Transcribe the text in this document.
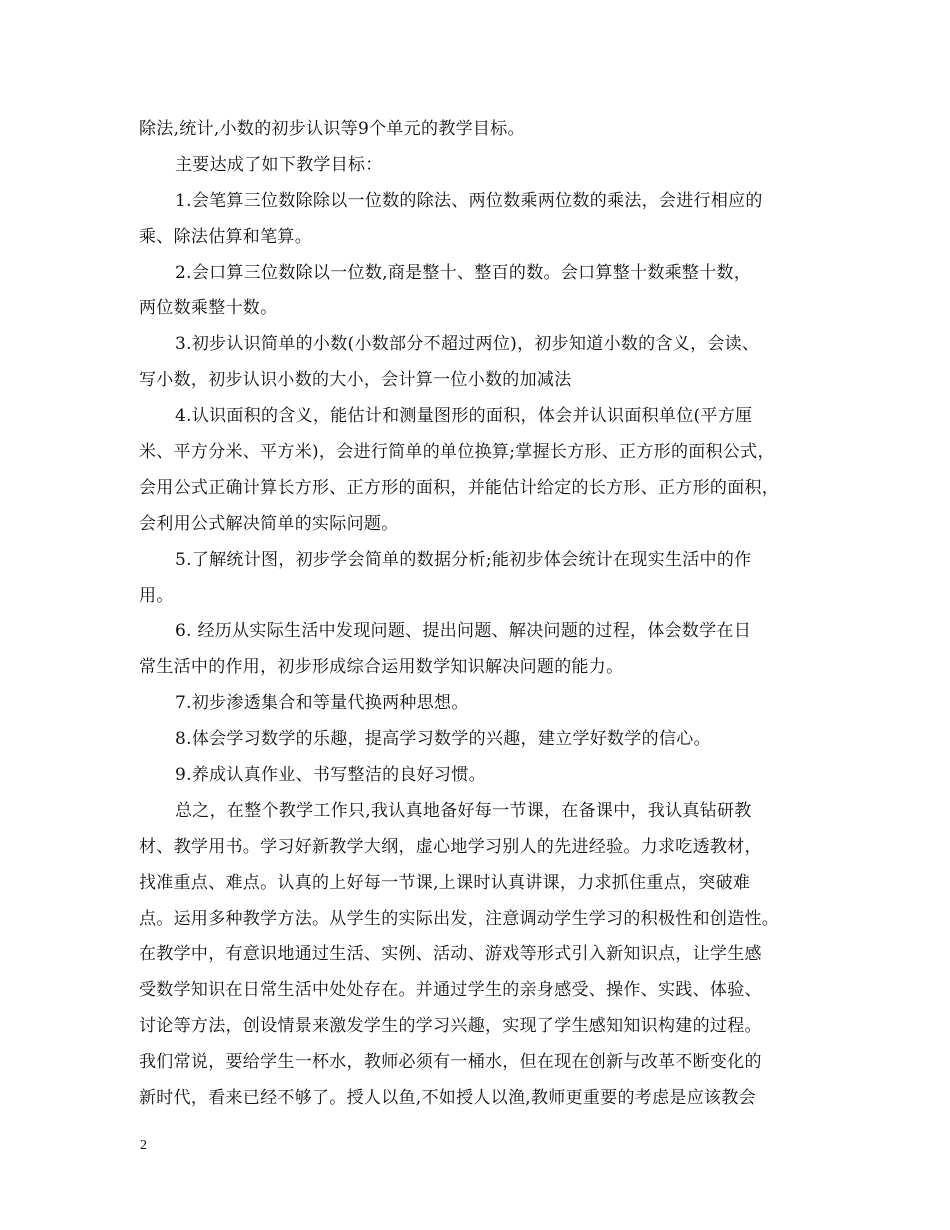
除法,统计,小数的初步认识等9个单元的教学目标。
主要达成了如下教学目标：
1.会笔算三位数除除以一位数的除法、两位数乘两位数的乘法，会进行相应的
乘、除法估算和笔算。
2.会口算三位数除以一位数,商是整十、整百的数。会口算整十数乘整十数，
两位数乘整十数。
3.初步认识简单的小数(小数部分不超过两位)，初步知道小数的含义，会读、
写小数，初步认识小数的大小，会计算一位小数的加减法
4.认识面积的含义，能估计和测量图形的面积，体会并认识面积单位(平方厘
米、平方分米、平方米)，会进行简单的单位换算;掌握长方形、正方形的面积公式，
会用公式正确计算长方形、正方形的面积，并能估计给定的长方形、正方形的面积，
会利用公式解决简单的实际问题。
5.了解统计图，初步学会简单的数据分析;能初步体会统计在现实生活中的作
用。
6. 经历从实际生活中发现问题、提出问题、解决问题的过程，体会数学在日
常生活中的作用，初步形成综合运用数学知识解决问题的能力。
7.初步渗透集合和等量代换两种思想。
8.体会学习数学的乐趣，提高学习数学的兴趣，建立学好数学的信心。
9.养成认真作业、书写整洁的良好习惯。
总之，在整个教学工作只,我认真地备好每一节课，在备课中，我认真钻研教
材、教学用书。学习好新教学大纲，虚心地学习别人的先进经验。力求吃透教材，
找准重点、难点。认真的上好每一节课,上课时认真讲课，力求抓住重点，突破难
点。运用多种教学方法。从学生的实际出发，注意调动学生学习的积极性和创造性。
在教学中，有意识地通过生活、实例、活动、游戏等形式引入新知识点，让学生感
受数学知识在日常生活中处处存在。并通过学生的亲身感受、操作、实践、体验、
讨论等方法，创设情景来激发学生的学习兴趣，实现了学生感知知识构建的过程。
我们常说，要给学生一杯水，教师必须有一桶水，但在现在创新与改革不断变化的
新时代，看来已经不够了。授人以鱼,不如授人以渔,教师更重要的考虑是应该教会
2
